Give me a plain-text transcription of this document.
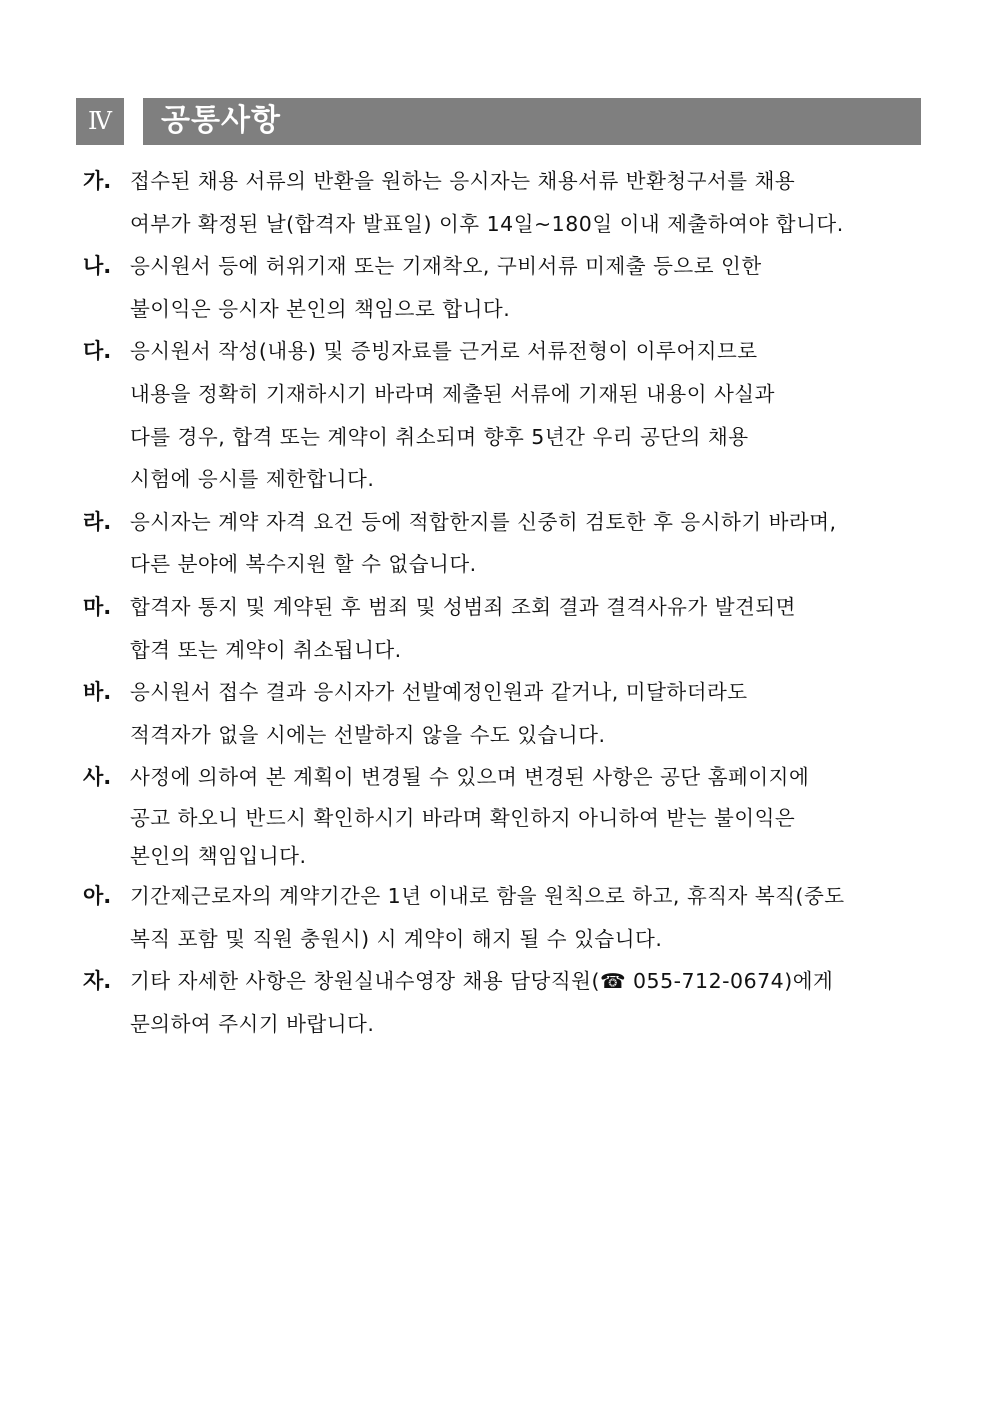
Ⅳ	공통사항
가. 접수된 채용 서류의 반환을 원하는 응시자는 채용서류 반환청구서를 채용
여부가 확정된 날(합격자 발표일) 이후 14일~180일 이내 제출하여야 합니다.
나. 응시원서 등에 허위기재 또는 기재착오, 구비서류 미제출 등으로 인한
불이익은 응시자 본인의 책임으로 합니다.
다. 응시원서 작성(내용) 및 증빙자료를 근거로 서류전형이 이루어지므로
내용을 정확히 기재하시기 바라며 제출된 서류에 기재된 내용이 사실과
다를 경우, 합격 또는 계약이 취소되며 향후 5년간 우리 공단의 채용
시험에 응시를 제한합니다.
라. 응시자는 계약 자격 요건 등에 적합한지를 신중히 검토한 후 응시하기 바라며,
다른 분야에 복수지원 할 수 없습니다.
마. 합격자 통지 및 계약된 후 범죄 및 성범죄 조회 결과 결격사유가 발견되면
합격 또는 계약이 취소됩니다.
바. 응시원서 접수 결과 응시자가 선발예정인원과 같거나, 미달하더라도
적격자가 없을 시에는 선발하지 않을 수도 있습니다.
사. 사정에 의하여 본 계획이 변경될 수 있으며 변경된 사항은 공단 홈페이지에
공고 하오니 반드시 확인하시기 바라며 확인하지 아니하여 받는 불이익은
본인의 책임입니다.
아. 기간제근로자의 계약기간은 1년 이내로 함을 원칙으로 하고, 휴직자 복직(중도
복직 포함 및 직원 충원시) 시 계약이 해지 될 수 있습니다.
자. 기타 자세한 사항은 창원실내수영장 채용 담당직원(☎ 055-712-0674)에게
문의하여 주시기 바랍니다.
